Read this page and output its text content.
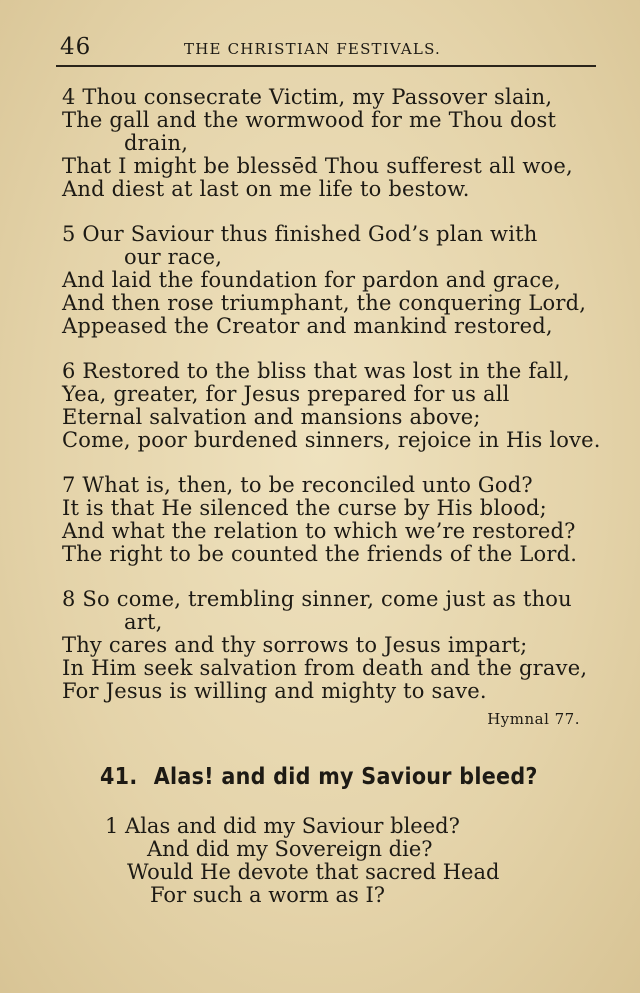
46	THE CHRISTIAN FESTIVALS.
4 Thou consecrate Victim, my Passover slain,
The gall and the wormwood for me Thou dost
drain,
That I might be blessēd Thou sufferest all woe,
And diest at last on me life to bestow.
5 Our Saviour thus finished God’s plan with
our race,
And laid the foundation for pardon and grace,
And then rose triumphant, the conquering Lord,
Appeased the Creator and mankind restored,
6 Restored to the bliss that was lost in the fall,
Yea, greater, for Jesus prepared for us all
Eternal salvation and mansions above;
Come, poor burdened sinners, rejoice in His love.
7 What is, then, to be reconciled unto God?
It is that He silenced the curse by His blood;
And what the relation to which we’re restored?
The right to be counted the friends of the Lord.
8 So come, trembling sinner, come just as thou
art,
Thy cares and thy sorrows to Jesus impart;
In Him seek salvation from death and the grave,
For Jesus is willing and mighty to save.
Hymnal 77.
41. Alas! and did my Saviour bleed?
1 Alas and did my Saviour bleed?
And did my Sovereign die?
Would He devote that sacred Head
For such a worm as I?
